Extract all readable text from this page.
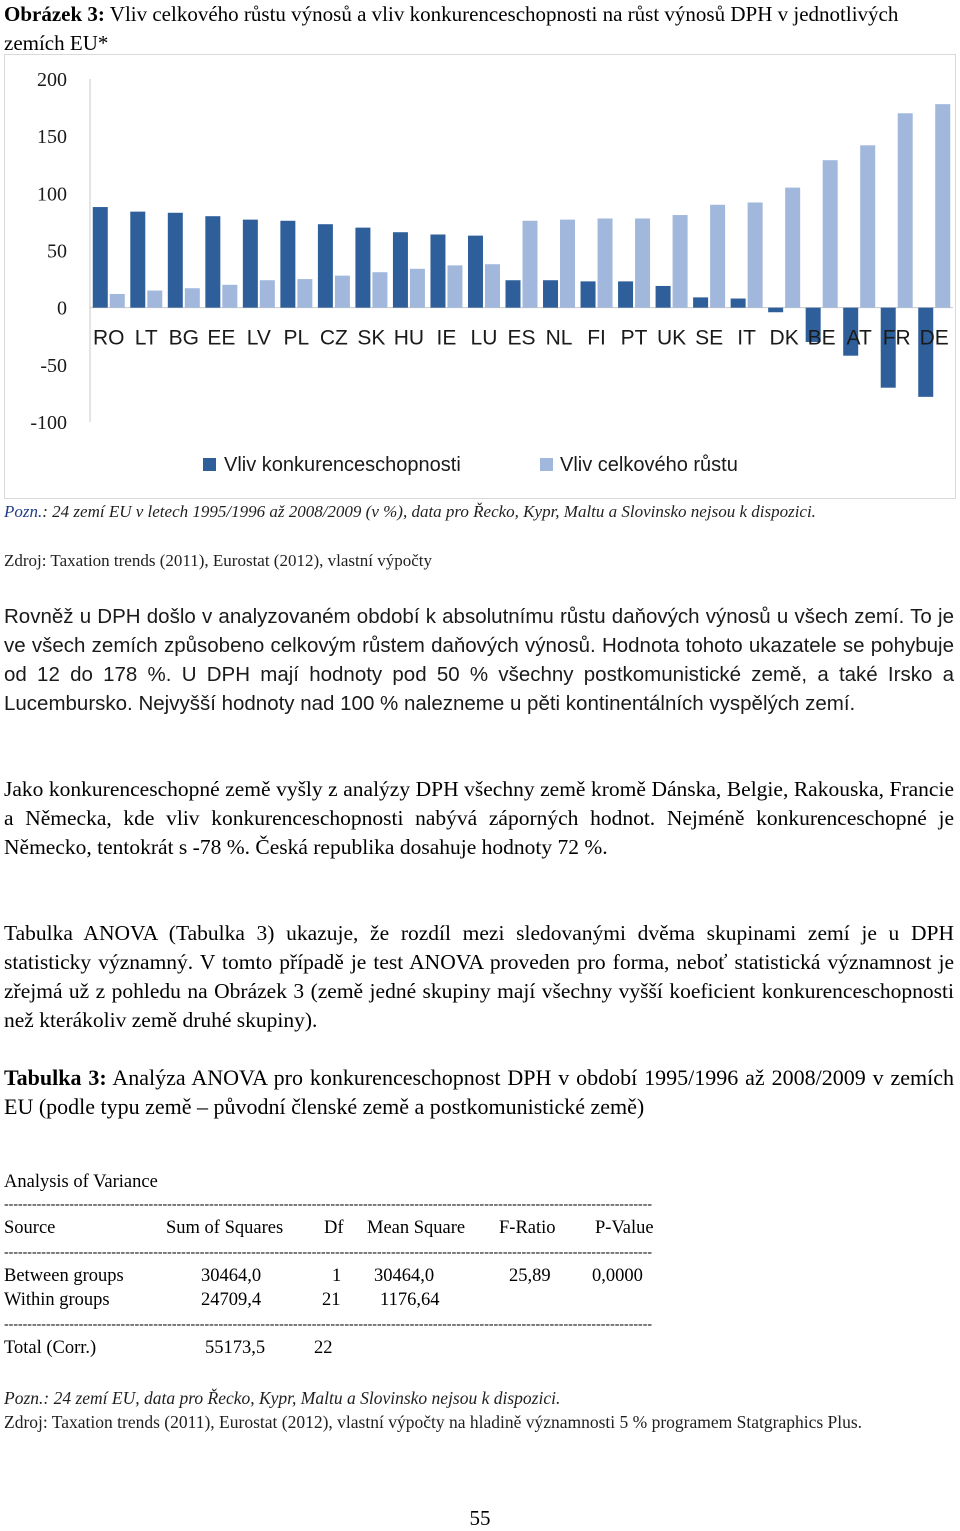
Obrázek 3: Vliv celkového růstu výnosů a vliv konkurenceschopnosti na růst výnosů DPH v jednotlivých zemích EU*
200
150
100
50
0
-50
-100
RO LT BG EE LV PL CZ SK HU IE LU ES NL FI PT UK SE IT DK BE AT FR DE
Vliv konkurenceschopnosti	Vliv celkového růstu
Pozn.: 24 zemí EU v letech 1995/1996 až 2008/2009 (v %), data pro Řecko, Kypr, Maltu a Slovinsko nejsou k dispozici.
Zdroj: Taxation trends (2011), Eurostat (2012), vlastní výpočty
Rovněž u DPH došlo v analyzovaném období k absolutnímu růstu daňových výnosů u všech zemí. To je ve všech zemích způsobeno celkovým růstem daňových výnosů. Hodnota tohoto ukazatele se pohybuje od 12 do 178 %. U DPH mají hodnoty pod 50 % všechny postkomunistické země, a také Irsko a Lucembursko. Nejvyšší hodnoty nad 100 % nalezneme u pěti kontinentálních vyspělých zemí.
Jako konkurenceschopné země vyšly z analýzy DPH všechny země kromě Dánska, Belgie, Rakouska, Francie a Německa, kde vliv konkurenceschopnosti nabývá záporných hodnot. Nejméně konkurenceschopné je Německo, tentokrát s -78 %. Česká republika dosahuje hodnoty 72 %.
Tabulka ANOVA (Tabulka 3) ukazuje, že rozdíl mezi sledovanými dvěma skupinami zemí je u DPH statisticky významný. V tomto případě je test ANOVA proveden pro forma, neboť statistická významnost je zřejmá už z pohledu na Obrázek 3 (země jedné skupiny mají všechny vyšší koeficient konkurenceschopnosti než kterákoliv země druhé skupiny).
Tabulka 3: Analýza ANOVA pro konkurenceschopnost DPH v období 1995/1996 až 2008/2009 v zemích EU (podle typu země – původní členské země a postkomunistické země)
Analysis of Variance
-------------------------------------------------------------------------------------------------------------------------------------------
Source	Sum of Squares Df Mean Square F-Ratio P-Value
-------------------------------------------------------------------------------------------------------------------------------------------
Between groups	30464,0	1 30464,0	25,89 0,0000
Within groups	24709,4	21 1176,64
-------------------------------------------------------------------------------------------------------------------------------------------
Total (Corr.)	55173,5	22
Pozn.: 24 zemí EU, data pro Řecko, Kypr, Maltu a Slovinsko nejsou k dispozici.
Zdroj: Taxation trends (2011), Eurostat (2012), vlastní výpočty na hladině významnosti 5 % programem Statgraphics Plus.
55
